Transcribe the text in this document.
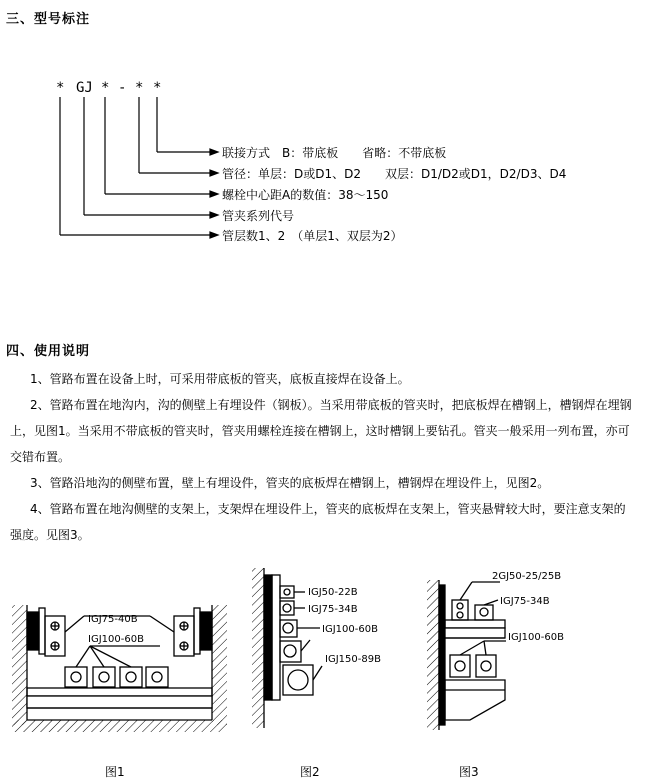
三、型号标注
* GJ * - * *
联接方式　B：带底板　　省略：不带底板
管径：单层：D或D1、D2　　双层：D1/D2或D1，D2/D3、D4
螺栓中心距A的数值：38～150
管夹系列代号
管层数1、2　（单层1、双层为2）
四、使用说明
1、管路布置在设备上时，可采用带底板的管夹，底板直接焊在设备上。
2、管路布置在地沟内，沟的侧壁上有埋设件（钢板）。当采用带底板的管夹时，把底板焊在槽钢上，槽钢焊在埋钢上，见图1。当采用不带底板的管夹时，管夹用螺栓连接在槽钢上，这时槽钢上要钻孔。管夹一般采用一列布置，亦可交错布置。
3、管路沿地沟的侧壁布置，壁上有埋设件，管夹的底板焊在槽钢上，槽钢焊在埋设件上，见图2。
4、管路布置在地沟侧壁的支架上，支架焊在埋设件上，管夹的底板焊在支架上，管夹悬臂较大时，要注意支架的强度。见图3。
IGJ75-40B
IGJ100-60B
IGJ50-22B
IGJ75-34B
IGJ100-60B
IGJ150-89B
2GJ50-25/25B
IGJ75-34B
IGJ100-60B
图1	图2	图3
